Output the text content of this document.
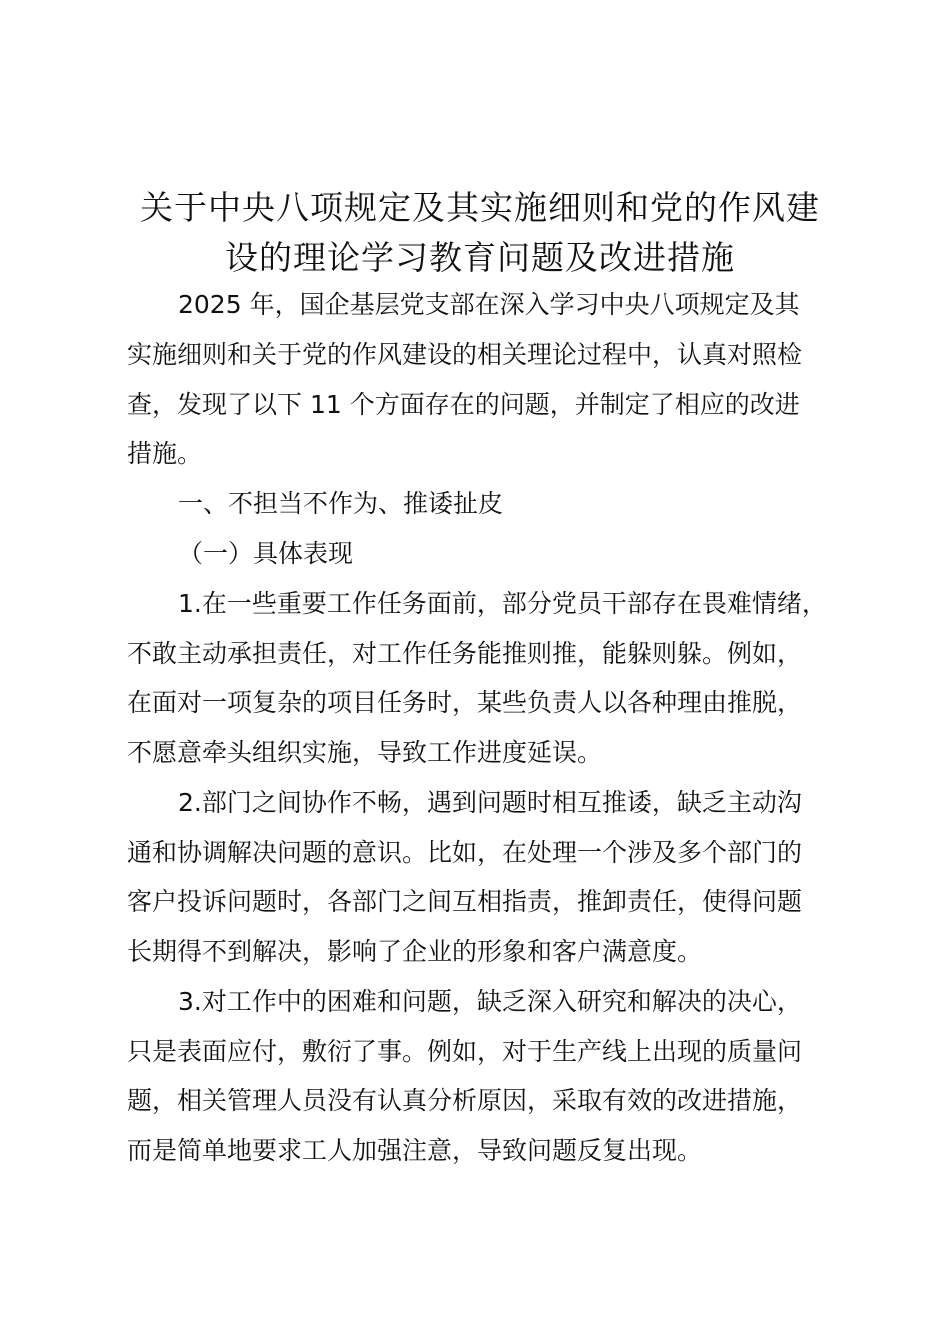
关于中央八项规定及其实施细则和党的作风建
设的理论学习教育问题及改进措施

2025 年，国企基层党支部在深入学习中央八项规定及其

实施细则和关于党的作风建设的相关理论过程中，认真对照检

查，发现了以下 11 个方面存在的问题，并制定了相应的改进

措施。

一、不担当不作为、推诿扯皮

（一）具体表现

1.在一些重要工作任务面前，部分党员干部存在畏难情绪，

不敢主动承担责任，对工作任务能推则推，能躲则躲。例如，

在面对一项复杂的项目任务时，某些负责人以各种理由推脱，

不愿意牵头组织实施，导致工作进度延误。

2.部门之间协作不畅，遇到问题时相互推诿，缺乏主动沟

通和协调解决问题的意识。比如，在处理一个涉及多个部门的

客户投诉问题时，各部门之间互相指责，推卸责任，使得问题

长期得不到解决，影响了企业的形象和客户满意度。

3.对工作中的困难和问题，缺乏深入研究和解决的决心，

只是表面应付，敷衍了事。例如，对于生产线上出现的质量问

题，相关管理人员没有认真分析原因，采取有效的改进措施，

而是简单地要求工人加强注意，导致问题反复出现。
